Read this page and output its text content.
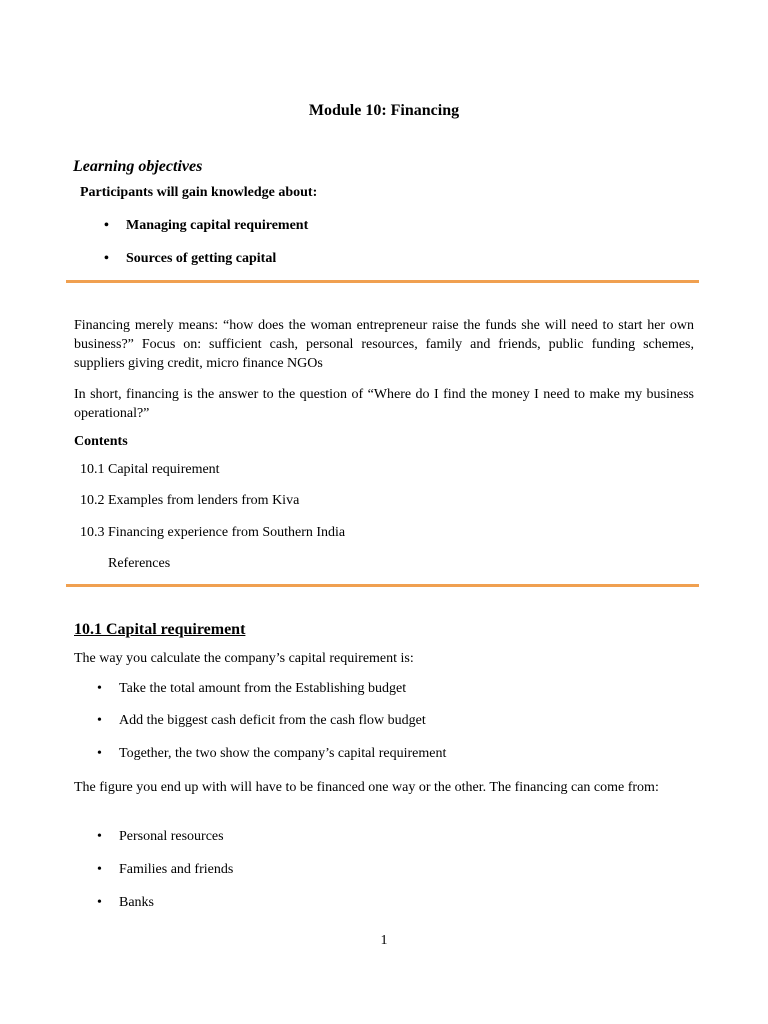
Module 10: Financing
Learning objectives
Participants will gain knowledge about:
• Managing capital requirement
• Sources of getting capital
Financing merely means: “how does the woman entrepreneur raise the funds she will need to start her own business?” Focus on: sufficient cash, personal resources, family and friends, public funding schemes, suppliers giving credit, micro finance NGOs
In short, financing is the answer to the question of “Where do I find the money I need to make my business operational?”
Contents
10.1 Capital requirement
10.2 Examples from lenders from Kiva
10.3 Financing experience from Southern India
References
10.1 Capital requirement
The way you calculate the company’s capital requirement is:
• Take the total amount from the Establishing budget
• Add the biggest cash deficit from the cash flow budget
• Together, the two show the company’s capital requirement
The figure you end up with will have to be financed one way or the other. The financing can come from:
• Personal resources
• Families and friends
• Banks
1
